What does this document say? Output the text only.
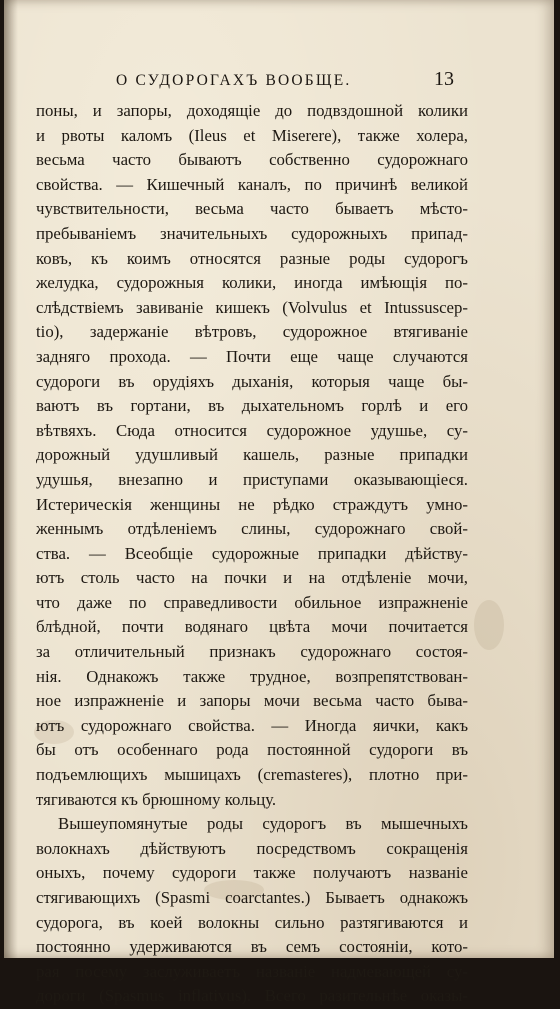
О СУДОРОГАХЪ ВООБЩЕ.	13
поны, и запоры, доходящіе до подвздошной колики
и рвоты каломъ (Ileus et Miserere), также холера,
весьма часто бываютъ собственно судорожнаго
свойства. — Кишечный каналъ, по причинѣ великой
чувствительности, весьма часто бываетъ мѣсто-
пребываніемъ значительныхъ судорожныхъ припад-
ковъ, къ коимъ относятся разные роды судорогъ
желудка, судорожныя колики, иногда имѣющія по-
слѣдствіемъ завиваніе кишекъ (Volvulus et Intussuscep-
tio), задержаніе вѣтровъ, судорожное втягиваніе
задняго прохода. — Почти еще чаще случаются
судороги въ орудіяхъ дыханія, которыя чаще бы-
ваютъ въ гортани, въ дыхательномъ горлѣ и его
вѣтвяхъ. Сюда относится судорожное удушье, су-
дорожный удушливый кашель, разные припадки
удушья, внезапно и приступами оказывающіеся.
Истерическія женщины не рѣдко страждутъ умно-
женнымъ отдѣленіемъ слины, судорожнаго свой-
ства. — Всеобщіе судорожные припадки дѣйству-
ютъ столь часто на почки и на отдѣленіе мочи,
что даже по справедливости обильное изпражненіе
блѣдной, почти водянаго цвѣта мочи почитается
за отличительный признакъ судорожнаго состоя-
нія. Однакожъ также трудное, возпрепятствован-
ное изпражненіе и запоры мочи весьма часто быва-
ютъ судорожнаго свойства. — Иногда яички, какъ
бы отъ особеннаго рода постоянной судороги въ
подъемлющихъ мышицахъ (cremasteres), плотно при-
тягиваются къ брюшному кольцу.
Вышеупомянутые роды судорогъ въ мышечныхъ
волокнахъ дѣйствуютъ посредствомъ сокращенія
оныхъ, почему судороги также получаютъ названіе
стягивающихъ (Spasmi coarctantes.) Бываетъ однакожъ
судорога, въ коей волокны сильно разтягиваются и
постоянно удерживаются въ семъ состояніи, кото-
рая посему заслуживаетъ названіе надмевающей су-
дороги (Spasmus inflativus). Всего разительнѣе оказы-
